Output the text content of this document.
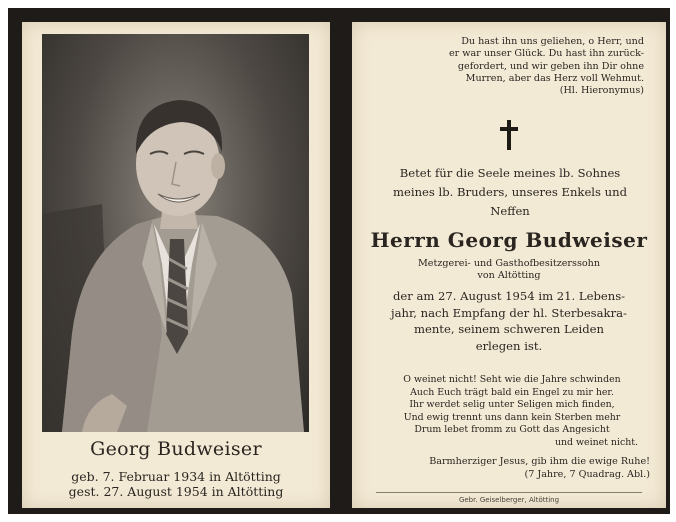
Georg Budweiser
geb. 7. Februar 1934 in Altötting
gest. 27. August 1954 in Altötting
Du hast ihn uns geliehen, o Herr, und
er war unser Glück. Du hast ihn zurück-
gefordert, und wir geben ihn Dir ohne
Murren, aber das Herz voll Wehmut.
(Hl. Hieronymus)
Betet für die Seele meines lb. Sohnes
meines lb. Bruders, unseres Enkels und
Neffen
Herrn Georg Budweiser
Metzgerei- und Gasthofbesitzerssohn
von Altötting
der am 27. August 1954 im 21. Lebens-
jahr, nach Empfang der hl. Sterbesakra-
mente, seinem schweren Leiden
erlegen ist.
O weinet nicht! Seht wie die Jahre schwinden
Auch Euch trägt bald ein Engel zu mir her.
Ihr werdet selig unter Seligen mich finden,
Und ewig trennt uns dann kein Sterben mehr
Drum lebet fromm zu Gott das Angesicht
und weinet nicht.
Barmherziger Jesus, gib ihm die ewige Ruhe!
(7 Jahre, 7 Quadrag. Abl.)
Gebr. Geiselberger, Altötting
